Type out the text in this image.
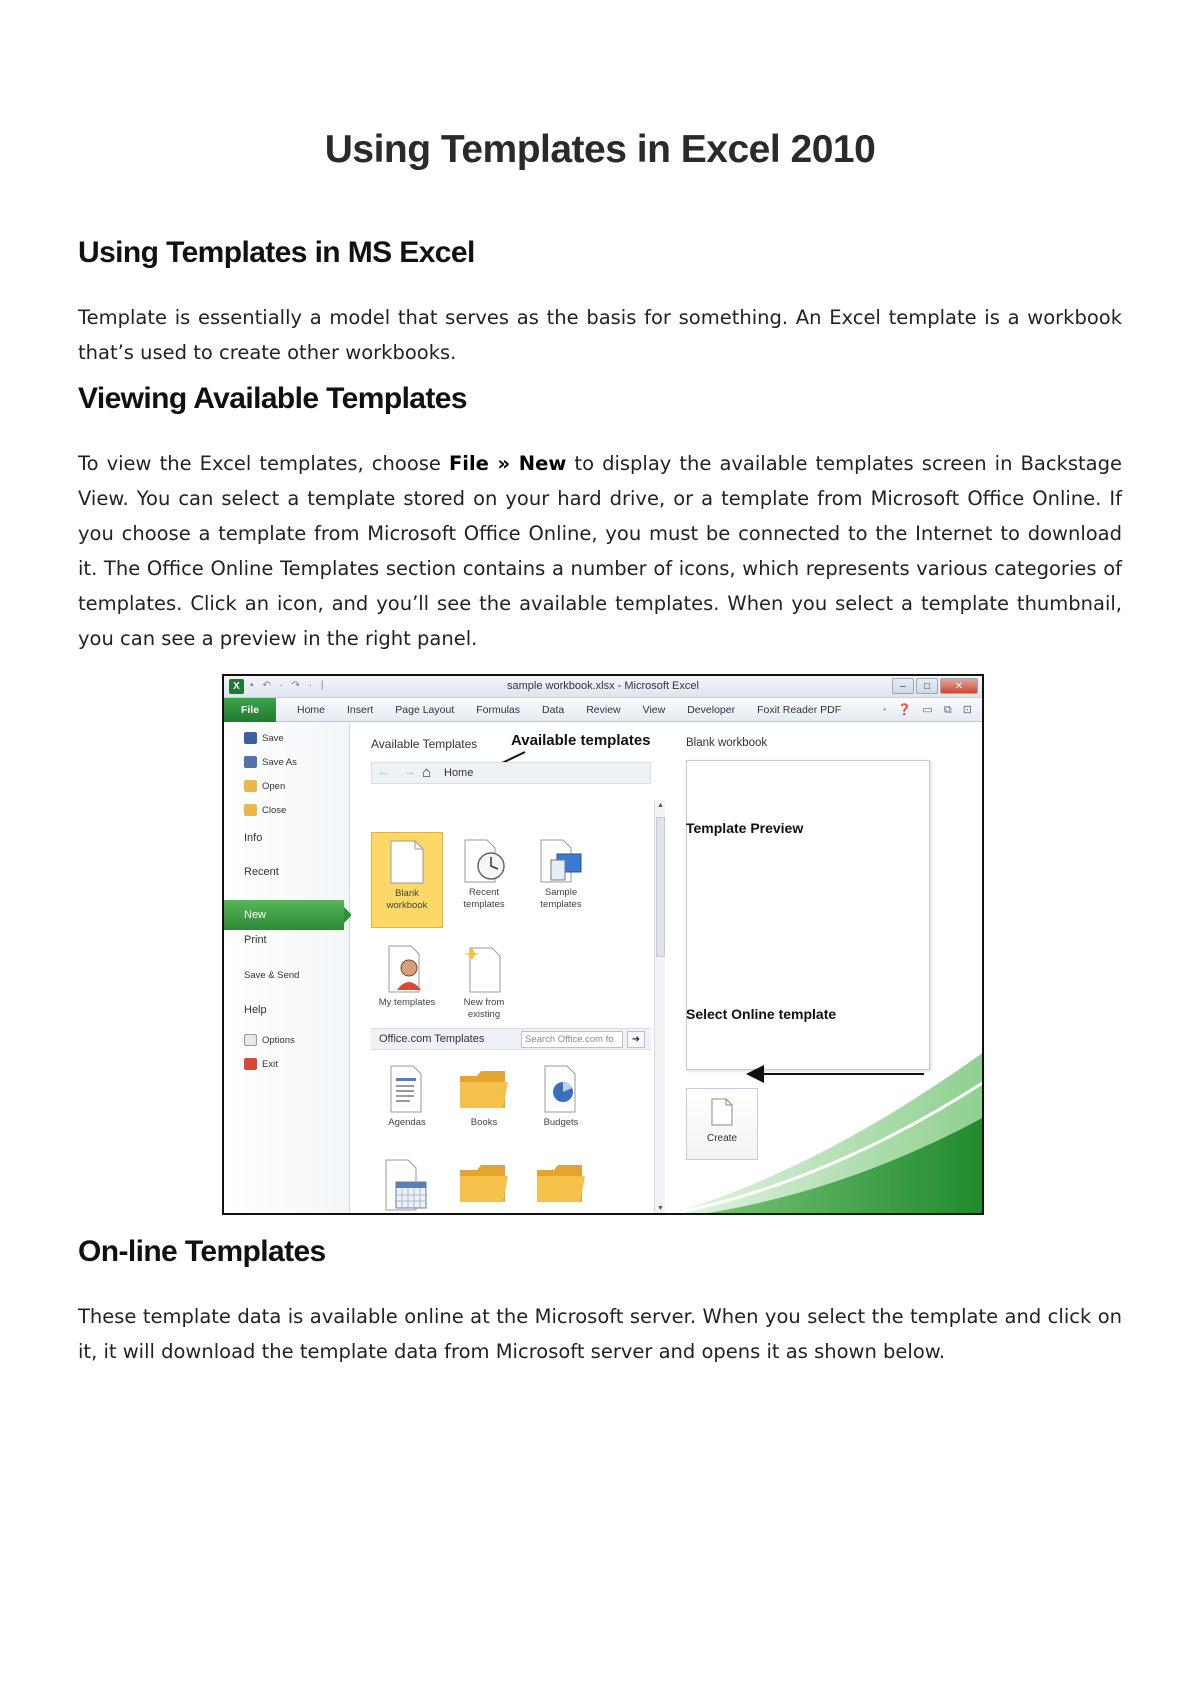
Using Templates in Excel 2010
Using Templates in MS Excel
Template is essentially a model that serves as the basis for something. An Excel template is a workbook that’s used to create other workbooks.
Viewing Available Templates
To view the Excel templates, choose File » New to display the available templates screen in Backstage View. You can select a template stored on your hard drive, or a template from Microsoft Office Online. If you choose a template from Microsoft Office Online, you must be connected to the Internet to download it. The Office Online Templates section contains a number of icons, which represents various categories of templates. Click an icon, and you’ll see the available templates. When you select a template thumbnail, you can see a preview in the right panel.
X	▪ ↶ · ↷ · |	sample workbook.xlsx - Microsoft Excel	–	□	✕
File	Home Insert Page Layout Formulas Data Review View Developer Foxit Reader PDF	◦ ❓ ▭ ⧉ ⊡
Save
Save As
Open
Close
Info
Recent
New
Print
Save & Send
Help
Options
Exit
Available Templates Available templates
← → ⌂ Home
Blank
workbook
Recent
templates
Sample
templates
My templates	New from
existing
Office.com Templates	Search Office.com fo	➜
Agendas	Books	Budgets
▲
▼
Blank workbook
Template Preview
Select Online template
Create
On-line Templates
These template data is available online at the Microsoft server. When you select the template and click on it, it will download the template data from Microsoft server and opens it as shown below.
